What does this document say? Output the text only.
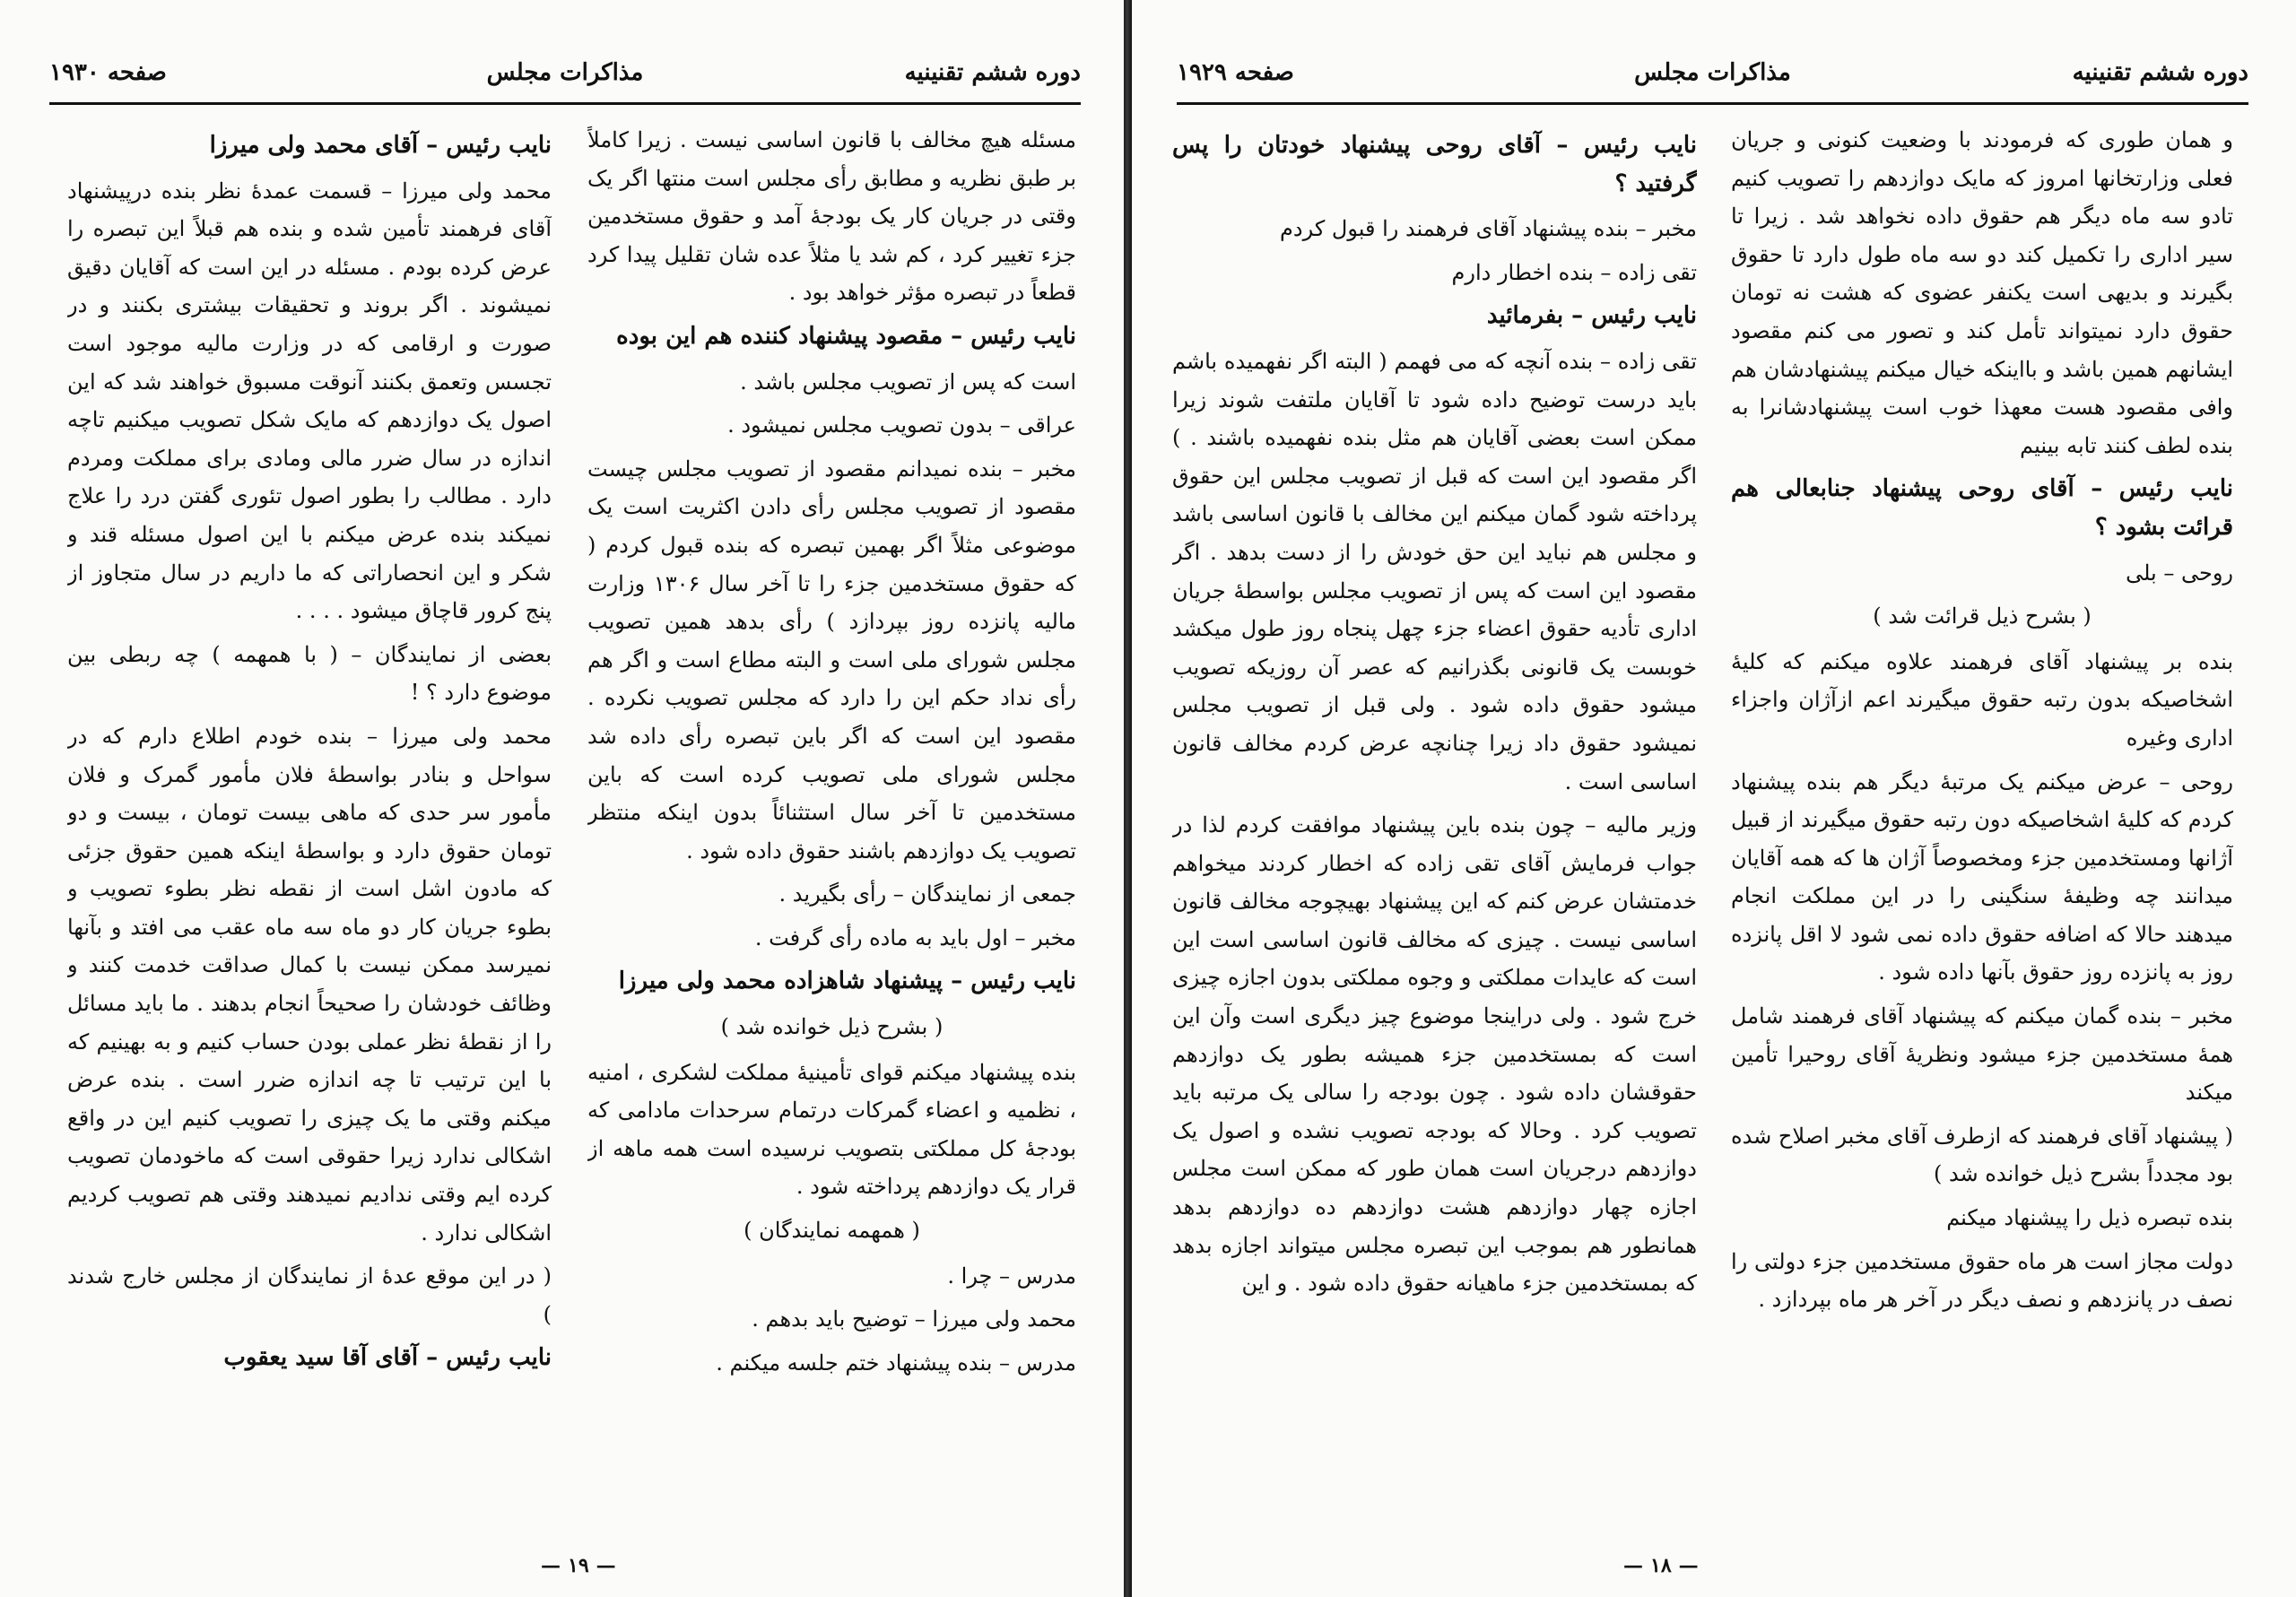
دوره ششم تقنینیه
مذاکرات مجلس
صفحه ۱۹۳۰

مسئله هیچ مخالف با قانون اساسی نیست . زیرا کاملاً بر طبق نظریه و مطابق رأی مجلس است منتها اگر یک وقتی در جریان کار یک بودجهٔ آمد و حقوق مستخدمین جزء تغییر کرد ، کم شد یا مثلاً عده شان تقلیل پیدا کرد قطعاً در تبصره مؤثر خواهد بود .

نایب رئیس – مقصود پیشنهاد کننده هم این بوده

است که پس از تصویب مجلس باشد .

عراقی – بدون تصویب مجلس نمیشود .

مخبر – بنده نمیدانم مقصود از تصویب مجلس چیست مقصود از تصویب مجلس رأی دادن اکثریت است یک موضوعی مثلاً اگر بهمین تبصره که بنده قبول کردم ( که حقوق مستخدمین جزء را تا آخر سال ۱۳۰۶ وزارت مالیه پانزده روز بپردازد ) رأی بدهد همین تصویب مجلس شورای ملی است و البته مطاع است و اگر هم رأی نداد حکم این را دارد که مجلس تصویب نکرده . مقصود این است که اگر باین تبصره رأی داده شد مجلس شورای ملی تصویب کرده است که باین مستخدمین تا آخر سال استثنائاً بدون اینکه منتظر تصویب یک دوازدهم باشند حقوق داده شود .

جمعی از نمایندگان – رأی بگیرید .

مخبر – اول باید به ماده رأی گرفت .

نایب رئیس – پیشنهاد شاهزاده محمد ولی میرزا

( بشرح ذیل خوانده شد )

بنده پیشنهاد میکنم قوای تأمینیهٔ مملکت لشکری ، امنیه ، نظمیه و اعضاء گمرکات درتمام سرحدات مادامی که بودجهٔ کل مملکتی بتصویب نرسیده است همه ماهه از قرار یک دوازدهم پرداخته شود .

( همهمه نمایندگان )

مدرس – چرا .

محمد ولی میرزا – توضیح باید بدهم .

مدرس – بنده پیشنهاد ختم جلسه میکنم .

نایب رئیس – آقای محمد ولی میرزا

محمد ولی میرزا – قسمت عمدهٔ نظر بنده درپیشنهاد آقای فرهمند تأمین شده و بنده هم قبلاً این تبصره را عرض کرده بودم . مسئله در این است که آقایان دقیق نمیشوند . اگر بروند و تحقیقات بیشتری بکنند و در صورت و ارقامی که در وزارت مالیه موجود است تجسس وتعمق بکنند آنوقت مسبوق خواهند شد که این اصول یک دوازدهم که مایک شکل تصویب میکنیم تاچه اندازه در سال ضرر مالی ومادی برای مملکت ومردم دارد . مطالب را بطور اصول تئوری گفتن درد را علاج نمیکند بنده عرض میکنم با این اصول مسئله قند و شکر و این انحصاراتی که ما داریم در سال متجاوز از پنج کرور قاچاق میشود . . . .

بعضی از نمایندگان – ( با همهمه ) چه ربطی بین موضوع دارد ؟ !

محمد ولی میرزا – بنده خودم اطلاع دارم که در سواحل و بنادر بواسطهٔ فلان مأمور گمرک و فلان مأمور سر حدی که ماهی بیست تومان ، بیست و دو تومان حقوق دارد و بواسطهٔ اینکه همین حقوق جزئی که مادون اشل است از نقطه نظر بطوء تصویب و بطوء جریان کار دو ماه سه ماه عقب می افتد و بآنها نمیرسد ممکن نیست با کمال صداقت خدمت کنند و وظائف خودشان را صحیحاً انجام بدهند . ما باید مسائل را از نقطهٔ نظر عملی بودن حساب کنیم و به بهینیم که با این ترتیب تا چه اندازه ضرر است . بنده عرض میکنم وقتی ما یک چیزی را تصویب کنیم این در واقع اشکالی ندارد زیرا حقوقی است که ماخودمان تصویب کرده ایم وقتی ندادیم نمیدهند وقتی هم تصویب کردیم اشکالی ندارد .

( در این موقع عدهٔ از نمایندگان از مجلس خارج شدند )

نایب رئیس – آقای آقا سید یعقوب

— ۱۹ —
دوره ششم تقنینیه
مذاکرات مجلس
صفحه ۱۹۲۹

و همان طوری که فرمودند با وضعیت کنونی و جریان فعلی وزارتخانها امروز که مایک دوازدهم را تصویب کنیم تادو سه ماه دیگر هم حقوق داده نخواهد شد . زیرا تا سیر اداری را تکمیل کند دو سه ماه طول دارد تا حقوق بگیرند و بدیهی است یکنفر عضوی که هشت نه تومان حقوق دارد نمیتواند تأمل کند و تصور می کنم مقصود ایشانهم همین باشد و بااینکه خیال میکنم پیشنهادشان هم وافی مقصود هست معهذا خوب است پیشنهادشانرا به بنده لطف کنند تابه بینیم

نایب رئیس – آقای روحی پیشنهاد جنابعالی هم قرائت بشود ؟

روحی – بلی

( بشرح ذیل قرائت شد )

بنده بر پیشنهاد آقای فرهمند علاوه میکنم که کلیهٔ اشخاصیکه بدون رتبه حقوق میگیرند اعم ازآژان واجزاء اداری وغیره

روحی – عرض میکنم یک مرتبهٔ دیگر هم بنده پیشنهاد کردم که کلیهٔ اشخاصیکه دون رتبه حقوق میگیرند از قبیل آژانها ومستخدمین جزء ومخصوصاً آژان ها که همه آقایان میدانند چه وظیفهٔ سنگینی را در این مملکت انجام میدهند حالا که اضافه حقوق داده نمی شود لا اقل پانزده روز به پانزده روز حقوق بآنها داده شود .

مخبر – بنده گمان میکنم که پیشنهاد آقای فرهمند شامل همهٔ مستخدمین جزء میشود ونظریهٔ آقای روحیرا تأمین میکند

( پیشنهاد آقای فرهمند که ازطرف آقای مخبر اصلاح شده بود مجدداً بشرح ذیل خوانده شد )

بنده تبصره ذیل را پیشنهاد میکنم

دولت مجاز است هر ماه حقوق مستخدمین جزء دولتی را نصف در پانزدهم و نصف دیگر در آخر هر ماه بپردازد .

نایب رئیس – آقای روحی پیشنهاد خودتان را پس گرفتید ؟

مخبر – بنده پیشنهاد آقای فرهمند را قبول کردم

تقی زاده – بنده اخطار دارم

نایب رئیس – بفرمائید

تقی زاده – بنده آنچه که می فهمم ( البته اگر نفهمیده باشم باید درست توضیح داده شود تا آقایان ملتفت شوند زیرا ممکن است بعضی آقایان هم مثل بنده نفهمیده باشند . ) اگر مقصود این است که قبل از تصویب مجلس این حقوق پرداخته شود گمان میکنم این مخالف با قانون اساسی باشد و مجلس هم نباید این حق خودش را از دست بدهد . اگر مقصود این است که پس از تصویب مجلس بواسطهٔ جریان اداری تأدیه حقوق اعضاء جزء چهل پنجاه روز طول میکشد خوبست یک قانونی بگذرانیم که عصر آن روزیکه تصویب میشود حقوق داده شود . ولی قبل از تصویب مجلس نمیشود حقوق داد زیرا چنانچه عرض کردم مخالف قانون اساسی است .

وزیر مالیه – چون بنده باین پیشنهاد موافقت کردم لذا در جواب فرمایش آقای تقی زاده که اخطار کردند میخواهم خدمتشان عرض کنم که این پیشنهاد بهیچوجه مخالف قانون اساسی نیست . چیزی که مخالف قانون اساسی است این است که عایدات مملکتی و وجوه مملکتی بدون اجازه چیزی خرج شود . ولی دراینجا موضوع چیز دیگری است وآن این است که بمستخدمین جزء همیشه بطور یک دوازدهم حقوقشان داده شود . چون بودجه را سالی یک مرتبه باید تصویب کرد . وحالا که بودجه تصویب نشده و اصول یک دوازدهم درجریان است همان طور که ممکن است مجلس اجازه چهار دوازدهم هشت دوازدهم ده دوازدهم بدهد همانطور هم بموجب این تبصره مجلس میتواند اجازه بدهد که بمستخدمین جزء ماهیانه حقوق داده شود . و این

— ۱۸ —
